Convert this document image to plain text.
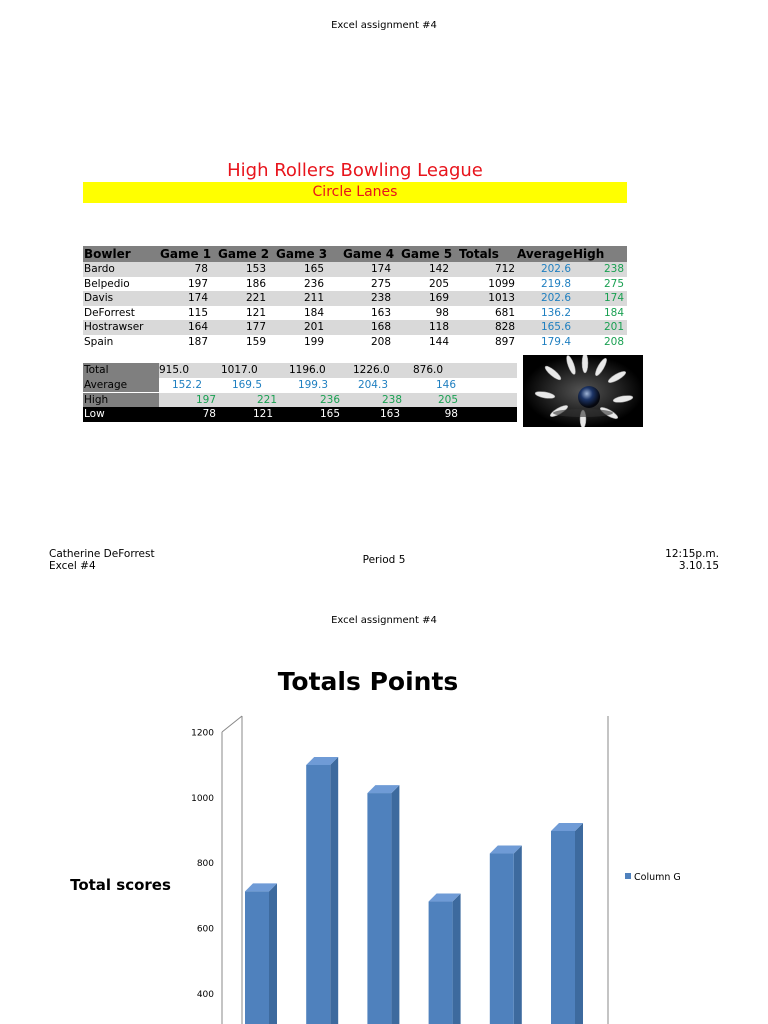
Excel assignment #4
High Rollers Bowling League
Circle Lanes
Bowler Game 1 Game 2 Game 3 Game 4 Game 5 Totals Average High
Bardo	78	153	165	174	142	712 202.6	238
Belpedio	197	186	236	275	205	1099 219.8	275
Davis	174	221	211	238	169	1013 202.6	174
DeForrest	115	121	184	163	98	681 136.2	184
Hostrawser	164	177	201	168	118	828 165.6	201
Spain	187	159	199	208	144	897 179.4	208
Total	915.0	1017.0	1196.0	1226.0 876.0
Average	152.2	169.5	199.3	204.3	146
High	197	221	236	238	205
Low	78	121	165	163	98
Catherine DeForrest
Excel #4	Period 5	12:15p.m.
3.10.15
Excel assignment #4
Totals Points
Total scores
400
600
800
1000
1200
Column G
